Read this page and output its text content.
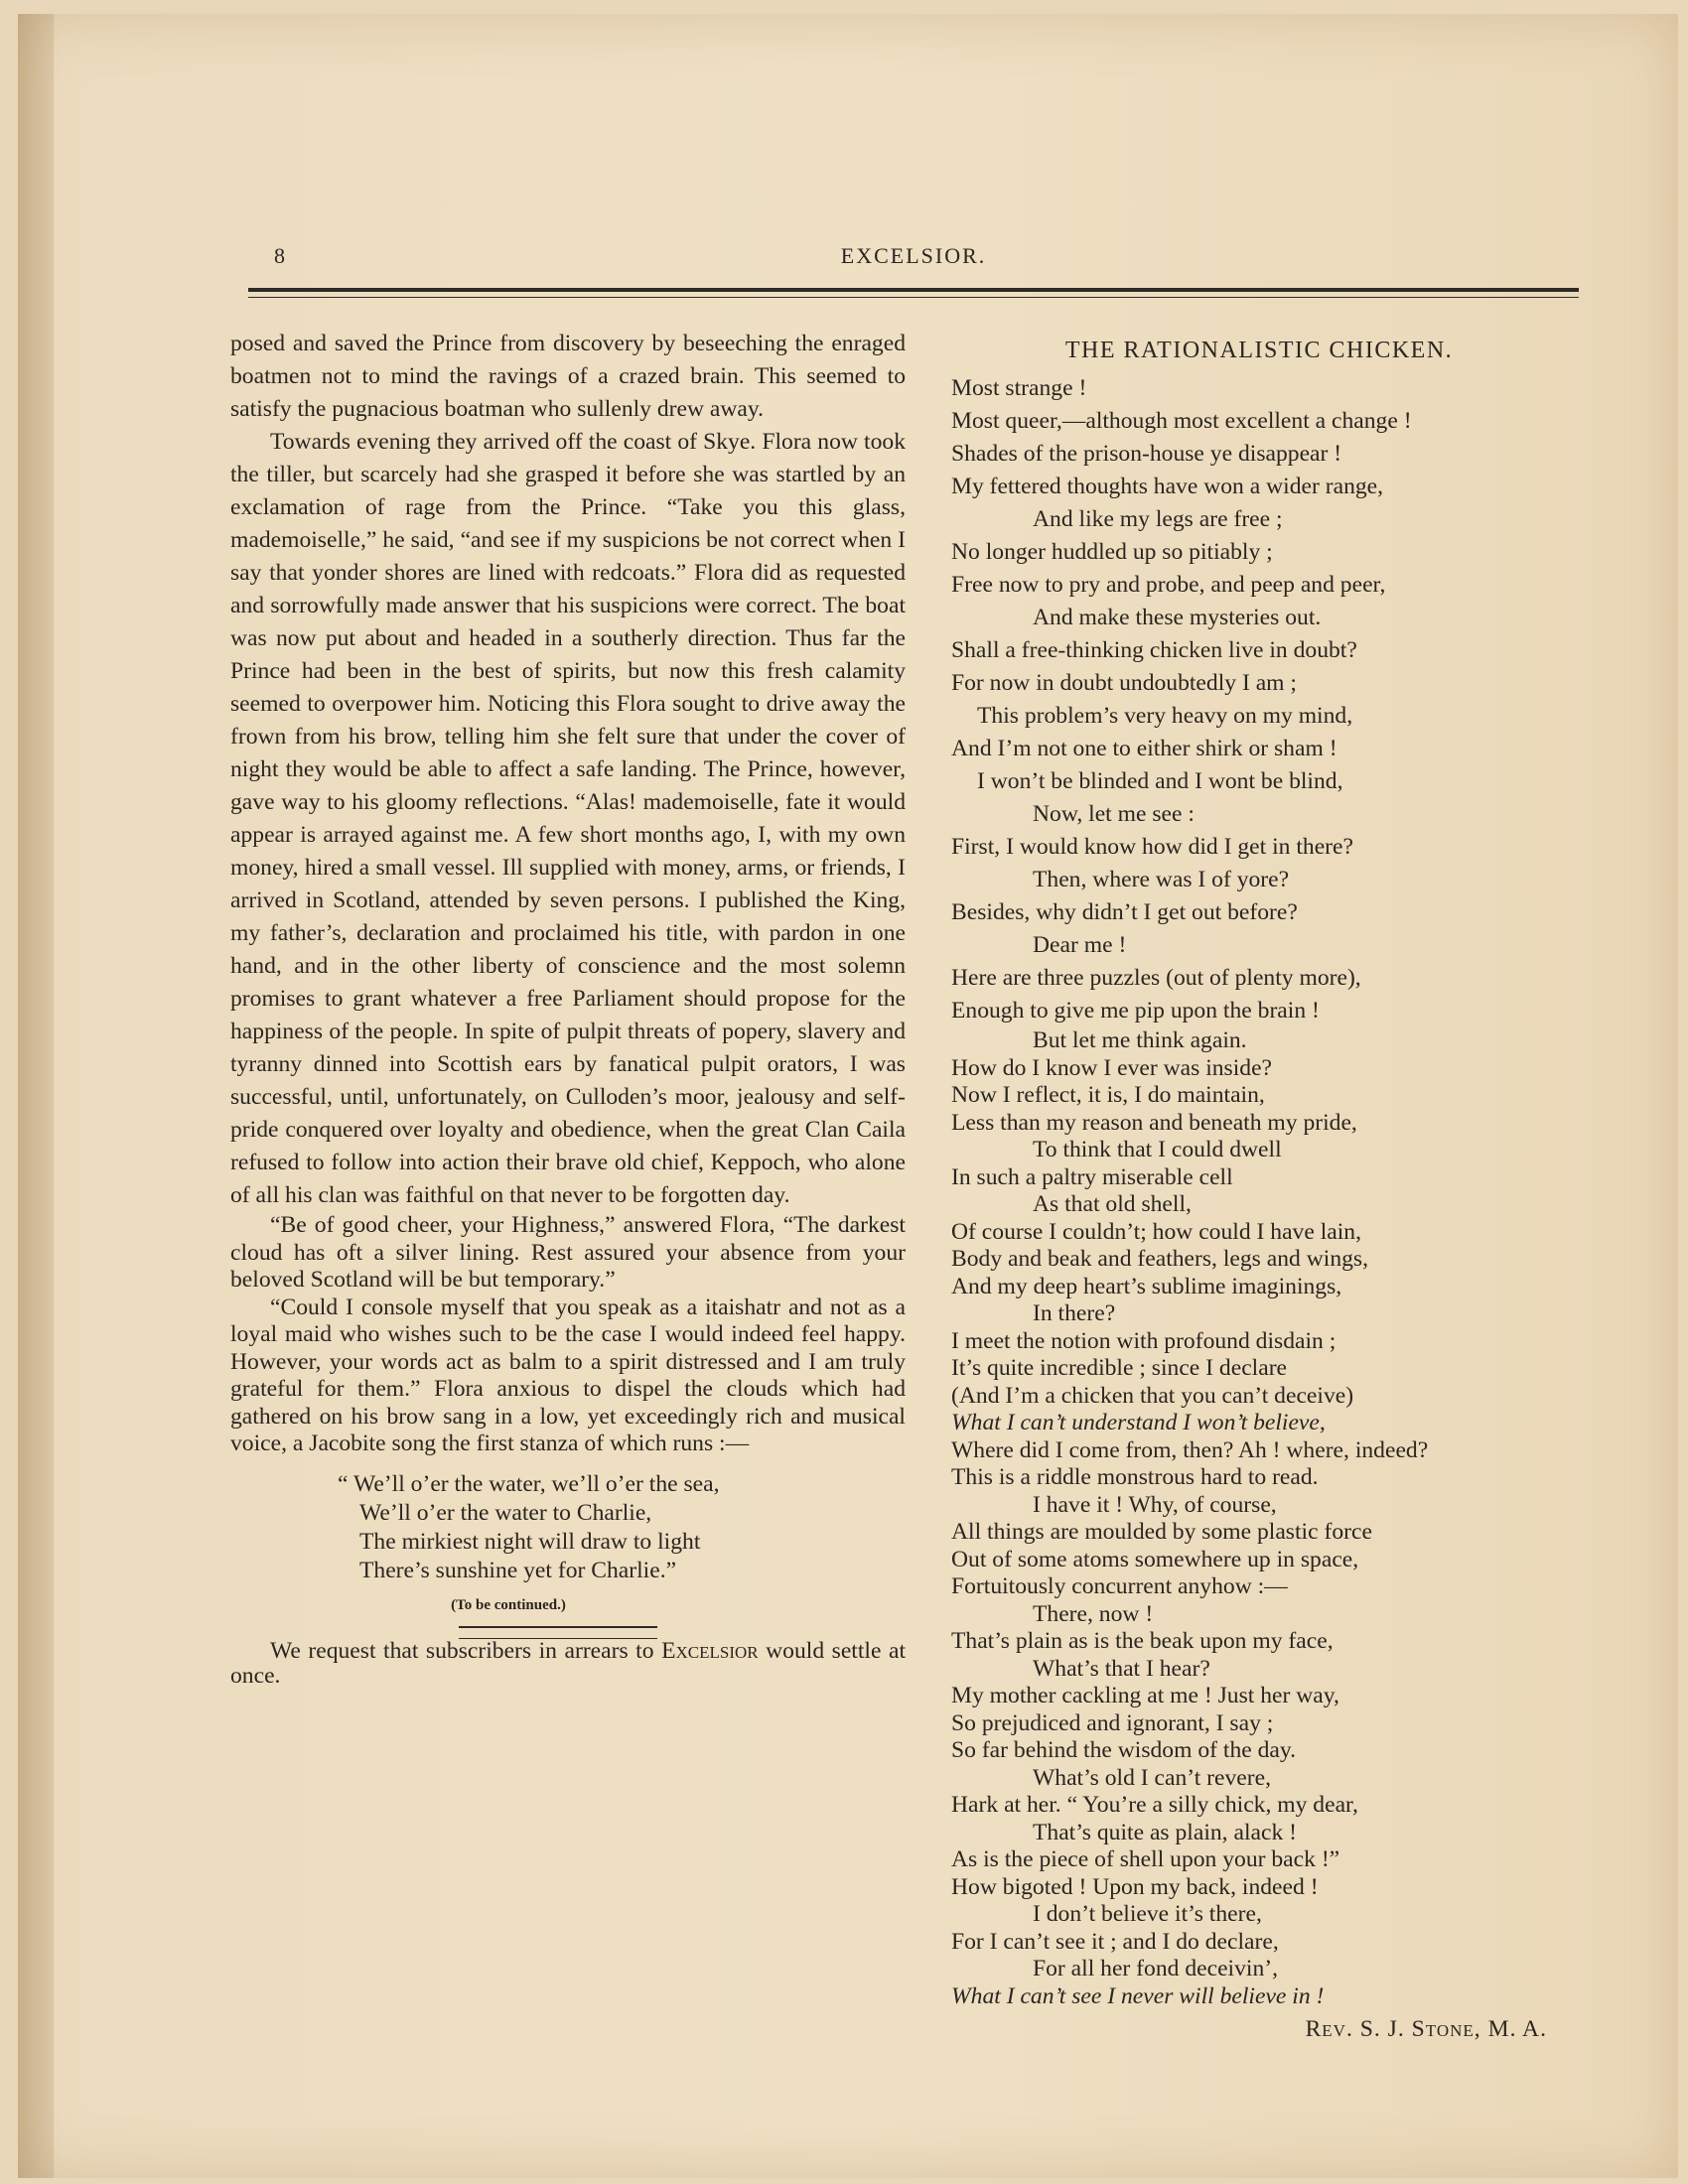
8	EXCELSIOR.

posed and saved the Prince from discovery by beseeching the enraged boatmen not to mind the ravings of a crazed brain. This seemed to satisfy the pugnacious boatman who sullenly drew away.

Towards evening they arrived off the coast of Skye. Flora now took the tiller, but scarcely had she grasped it before she was startled by an exclamation of rage from the Prince. “Take you this glass, mademoiselle,” he said, “and see if my suspicions be not correct when I say that yonder shores are lined with redcoats.” Flora did as requested and sorrowfully made answer that his suspicions were correct. The boat was now put about and headed in a southerly direction. Thus far the Prince had been in the best of spirits, but now this fresh calamity seemed to overpower him. Noticing this Flora sought to drive away the frown from his brow, telling him she felt sure that under the cover of night they would be able to affect a safe landing. The Prince, however, gave way to his gloomy reflections. “Alas! mademoiselle, fate it would appear is arrayed against me. A few short months ago, I, with my own money, hired a small vessel. Ill supplied with money, arms, or friends, I arrived in Scotland, attended by seven persons. I published the King, my father’s, declaration and proclaimed his title, with pardon in one hand, and in the other liberty of conscience and the most solemn promises to grant whatever a free Parliament should propose for the happiness of the people. In spite of pulpit threats of popery, slavery and tyranny dinned into Scottish ears by fanatical pulpit orators, I was successful, until, unfortunately, on Culloden’s moor, jealousy and self-pride conquered over loyalty and obedience, when the great Clan Caila refused to follow into action their brave old chief, Keppoch, who alone of all his clan was faithful on that never to be forgotten day.

“Be of good cheer, your Highness,” answered Flora, “The darkest cloud has oft a silver lining. Rest assured your absence from your beloved Scotland will be but temporary.”

“Could I console myself that you speak as a itaishatr and not as a loyal maid who wishes such to be the case I would indeed feel happy. However, your words act as balm to a spirit distressed and I am truly grateful for them.” Flora anxious to dispel the clouds which had gathered on his brow sang in a low, yet exceedingly rich and musical voice, a Jacobite song the first stanza of which runs :—

“ We’ll o’er the water, we’ll o’er the sea,
We’ll o’er the water to Charlie,
The mirkiest night will draw to light
There’s sunshine yet for Charlie.”
(To be continued.)

We request that subscribers in arrears to Excelsior would settle at once.

THE RATIONALISTIC CHICKEN.
Most strange !
Most queer,—although most excellent a change !
Shades of the prison-house ye disappear !
My fettered thoughts have won a wider range,
And like my legs are free ;
No longer huddled up so pitiably ;
Free now to pry and probe, and peep and peer,
And make these mysteries out.
Shall a free-thinking chicken live in doubt?
For now in doubt undoubtedly I am ;
This problem’s very heavy on my mind,
And I’m not one to either shirk or sham !
I won’t be blinded and I wont be blind,
Now, let me see :
First, I would know how did I get in there?
Then, where was I of yore?
Besides, why didn’t I get out before?
Dear me !
Here are three puzzles (out of plenty more),
Enough to give me pip upon the brain !
But let me think again.
How do I know I ever was inside?
Now I reflect, it is, I do maintain,
Less than my reason and beneath my pride,
To think that I could dwell
In such a paltry miserable cell
As that old shell,
Of course I couldn’t; how could I have lain,
Body and beak and feathers, legs and wings,
And my deep heart’s sublime imaginings,
In there?
I meet the notion with profound disdain ;
It’s quite incredible ; since I declare
(And I’m a chicken that you can’t deceive)
What I can’t understand I won’t believe,
Where did I come from, then? Ah ! where, indeed?
This is a riddle monstrous hard to read.
I have it ! Why, of course,
All things are moulded by some plastic force
Out of some atoms somewhere up in space,
Fortuitously concurrent anyhow :—
There, now !
That’s plain as is the beak upon my face,
What’s that I hear?
My mother cackling at me ! Just her way,
So prejudiced and ignorant, I say ;
So far behind the wisdom of the day.
What’s old I can’t revere,
Hark at her. “ You’re a silly chick, my dear,
That’s quite as plain, alack !
As is the piece of shell upon your back !”
How bigoted ! Upon my back, indeed !
I don’t believe it’s there,
For I can’t see it ; and I do declare,
For all her fond deceivin’,
What I can’t see I never will believe in !
Rev. S. J. Stone, M. A.
